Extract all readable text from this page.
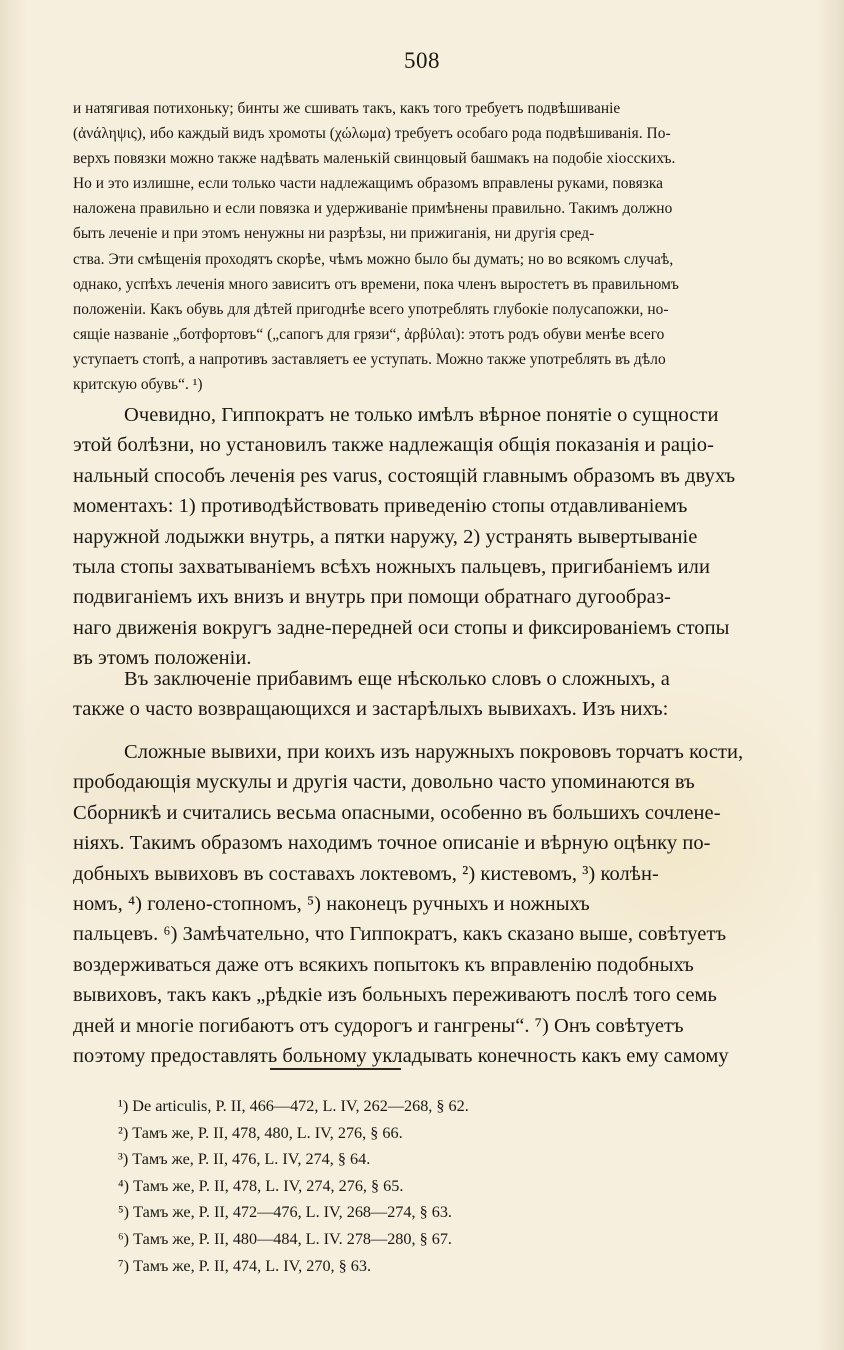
508
и натягивая потихоньку; бинты же сшивать такъ, какъ того требуетъ подвѣшиваніе
(ἀνάληψις), ибо каждый видъ хромоты (χώλωμα) требуетъ особаго рода подвѣшиванія. По-
верхъ повязки можно также надѣвать маленькій свинцовый башмакъ на подобіе хіосскихъ.
Но и это излишне, если только части надлежащимъ образомъ вправлены руками, повязка
наложена правильно и если повязка и удерживаніе примѣнены правильно. Такимъ должно
быть леченіе и при этомъ ненужны ни разрѣзы, ни прижиганія, ни другія сред-
ства. Эти смѣщенія проходятъ скорѣе, чѣмъ можно было бы думать; но во всякомъ случаѣ,
однако, успѣхъ леченія много зависитъ отъ времени, пока членъ выростетъ въ правильномъ
положеніи. Какъ обувь для дѣтей пригоднѣе всего употреблять глубокіе полусапожки, но-
сящіе названіе „ботфортовъ“ („сапогъ для грязи“, ἀρβύλαι): этотъ родъ обуви менѣе всего
уступаетъ стопѣ, а напротивъ заставляетъ ее уступать. Можно также употреблять въ дѣло
критскую обувь“. ¹)
Очевидно, Гиппократъ не только имѣлъ вѣрное понятіе о сущности
этой болѣзни, но установилъ также надлежащія общія показанія и раціо-
нальный способъ леченія pes varus, состоящій главнымъ образомъ въ двухъ
моментахъ: 1) противодѣйствовать приведенію стопы отдавливаніемъ
наружной лодыжки внутрь, а пятки наружу, 2) устранять вывертываніе
тыла стопы захватываніемъ всѣхъ ножныхъ пальцевъ, пригибаніемъ или
подвиганіемъ ихъ внизъ и внутрь при помощи обратнаго дугообраз-
наго движенія вокругъ задне-передней оси стопы и фиксированіемъ стопы
въ этомъ положеніи.
Въ заключеніе прибавимъ еще нѣсколько словъ о сложныхъ, а
также о часто возвращающихся и застарѣлыхъ вывихахъ. Изъ нихъ:
Сложные вывихи, при коихъ изъ наружныхъ покрововъ торчатъ кости,
прободающія мускулы и другія части, довольно часто упоминаются въ
Сборникѣ и считались весьма опасными, особенно въ большихъ сочлене-
ніяхъ. Такимъ образомъ находимъ точное описаніе и вѣрную оцѣнку по-
добныхъ вывиховъ въ составахъ локтевомъ, ²) кистевомъ, ³) колѣн-
номъ, ⁴) голено-стопномъ, ⁵) наконецъ ручныхъ и ножныхъ
пальцевъ. ⁶) Замѣчательно, что Гиппократъ, какъ сказано выше, совѣтуетъ
воздерживаться даже отъ всякихъ попытокъ къ вправленію подобныхъ
вывиховъ, такъ какъ „рѣдкіе изъ больныхъ переживаютъ послѣ того семь
дней и многіе погибаютъ отъ судорогъ и гангрены“. ⁷) Онъ совѣтуетъ
поэтому предоставлять больному укладывать конечность какъ ему самому
¹) De articulis, P. II, 466—472, L. IV, 262—268, § 62.
²) Тамъ же, P. II, 478, 480, L. IV, 276, § 66.
³) Тамъ же, P. II, 476, L. IV, 274, § 64.
⁴) Тамъ же, P. II, 478, L. IV, 274, 276, § 65.
⁵) Тамъ же, P. II, 472—476, L. IV, 268—274, § 63.
⁶) Тамъ же, P. II, 480—484, L. IV. 278—280, § 67.
⁷) Тамъ же, P. II, 474, L. IV, 270, § 63.
